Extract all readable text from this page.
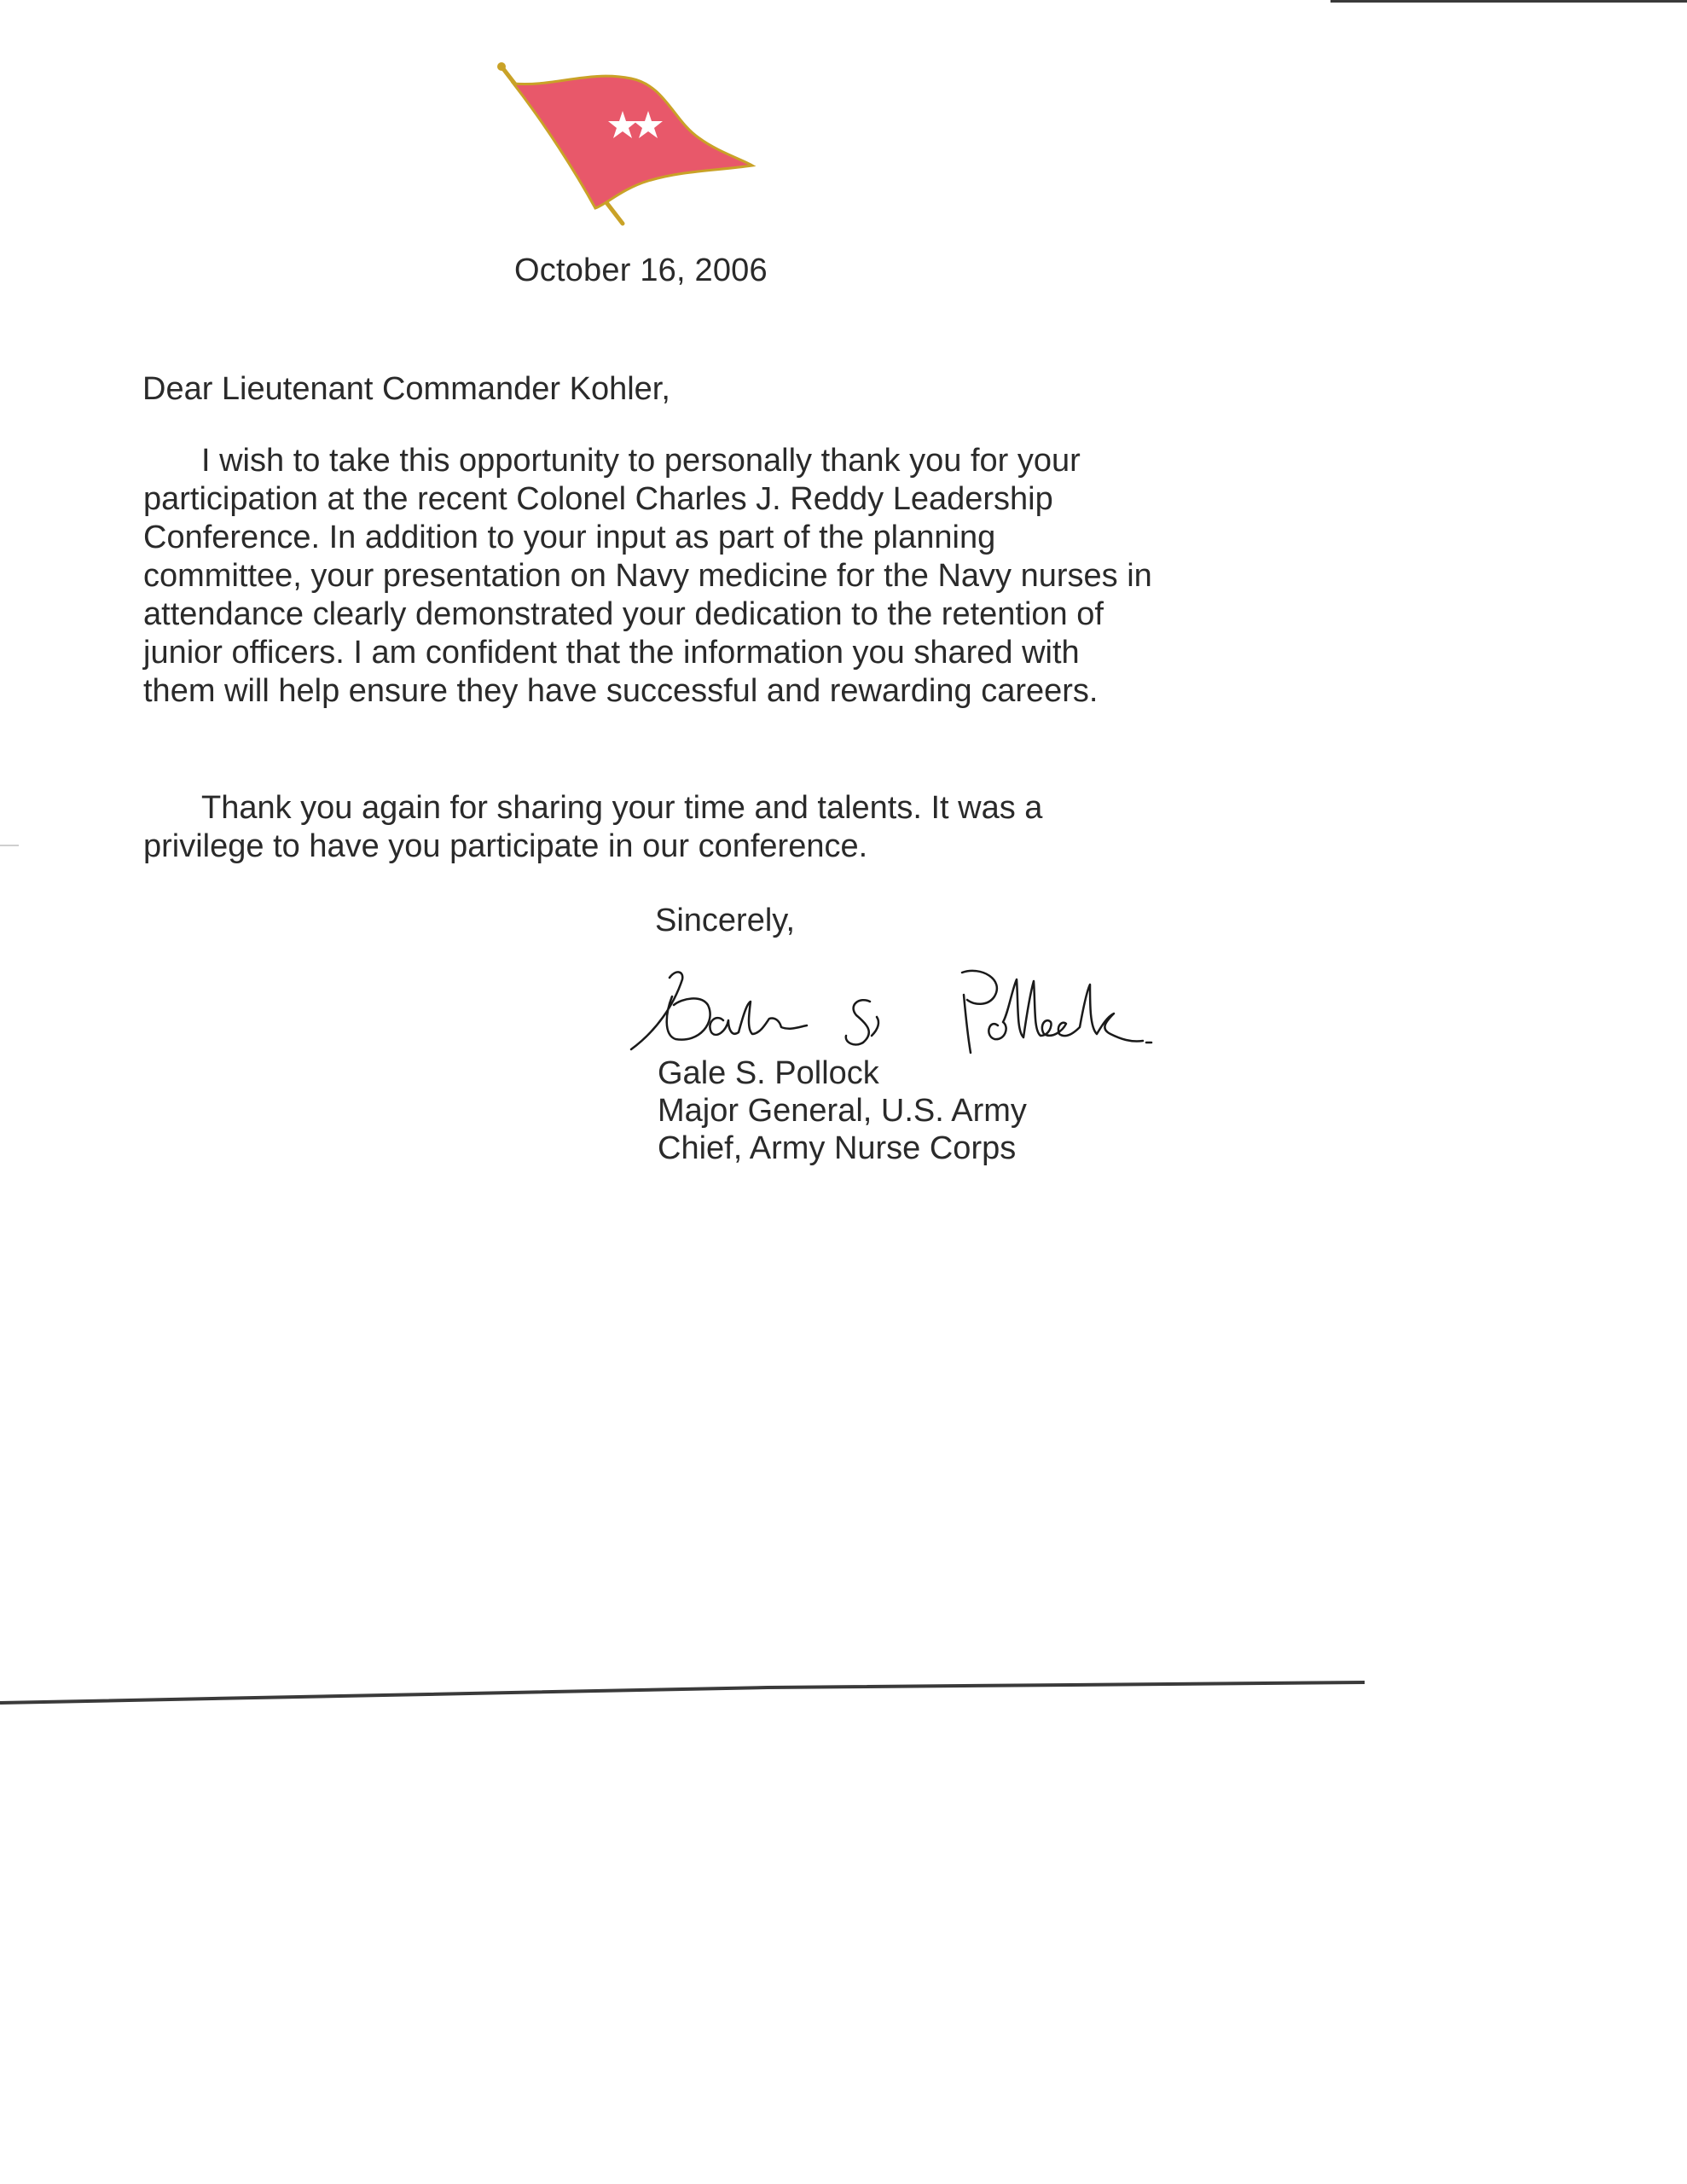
October 16, 2006
Dear Lieutenant Commander Kohler,
I wish to take this opportunity to personally thank you for your participation at the recent Colonel Charles J. Reddy Leadership Conference. In addition to your input as part of the planning committee, your presentation on Navy medicine for the Navy nurses in attendance clearly demonstrated your dedication to the retention of junior officers. I am confident that the information you shared with them will help ensure they have successful and rewarding careers.
Thank you again for sharing your time and talents. It was a privilege to have you participate in our conference.
Sincerely,
Gale S. Pollock
Major General, U.S. Army
Chief, Army Nurse Corps
